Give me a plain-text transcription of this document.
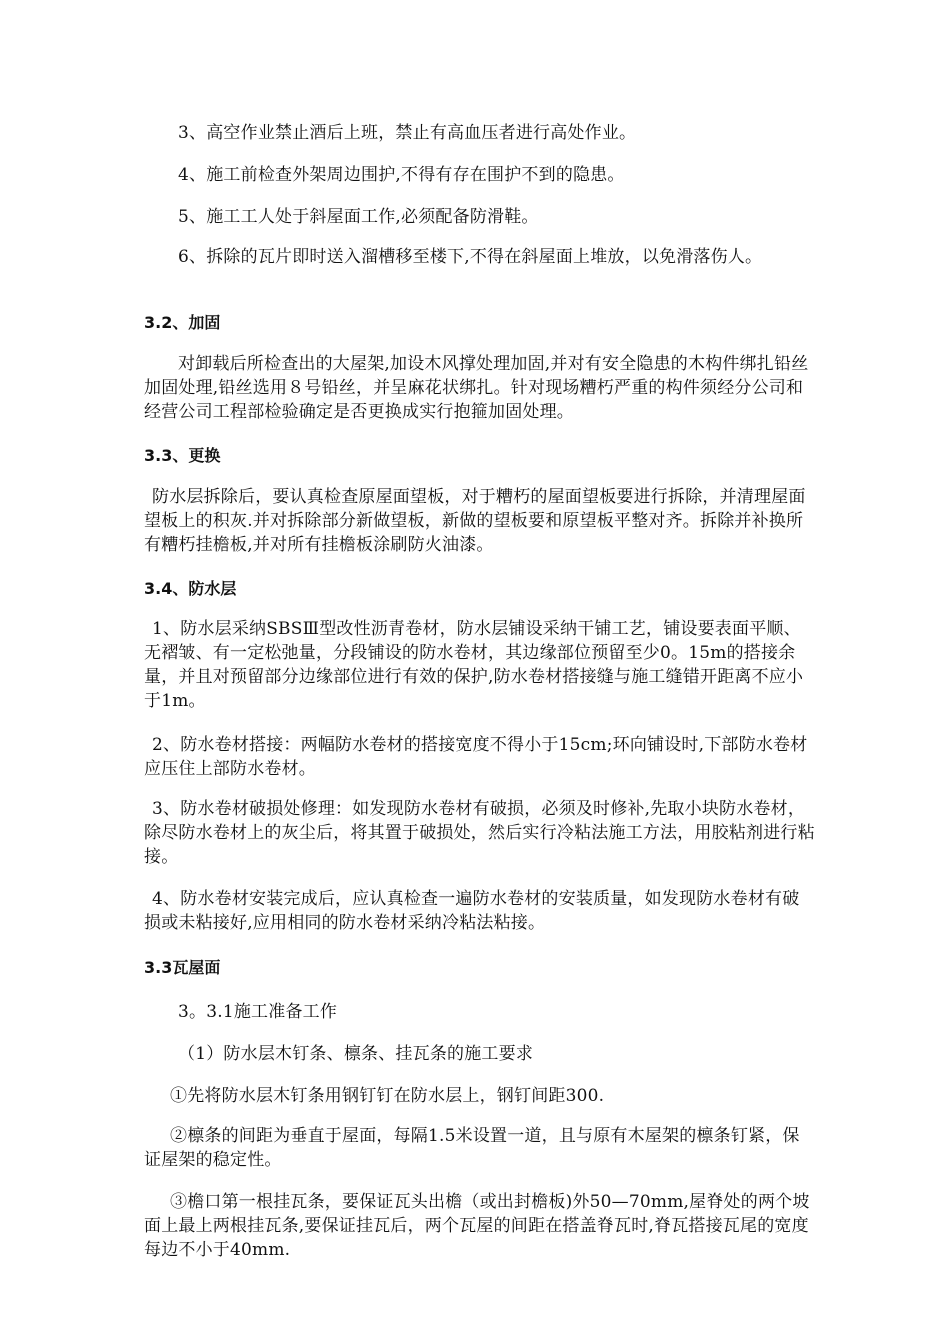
3、高空作业禁止酒后上班，禁止有高血压者进行高处作业。

4、施工前检查外架周边围护,不得有存在围护不到的隐患。

5、施工工人处于斜屋面工作,必须配备防滑鞋。

6、拆除的瓦片即时送入溜槽移至楼下,不得在斜屋面上堆放，以免滑落伤人。

3.2、加固

对卸载后所检查出的大屋架,加设木风撑处理加固,并对有安全隐患的木构件绑扎铅丝加固处理,铅丝选用８号铅丝，并呈麻花状绑扎。针对现场糟朽严重的构件须经分公司和经营公司工程部检验确定是否更换成实行抱箍加固处理。

3.3、更换

防水层拆除后，要认真检查原屋面望板，对于糟朽的屋面望板要进行拆除，并清理屋面望板上的积灰.并对拆除部分新做望板，新做的望板要和原望板平整对齐。拆除并补换所有糟朽挂檐板,并对所有挂檐板涂刷防火油漆。

3.4、防水层

1、防水层采纳SBSⅢ型改性沥青卷材，防水层铺设采纳干铺工艺，铺设要表面平顺、无褶皱、有一定松弛量，分段铺设的防水卷材，其边缘部位预留至少0。15m的搭接余量，并且对预留部分边缘部位进行有效的保护,防水卷材搭接缝与施工缝错开距离不应小于1m。

2、防水卷材搭接：两幅防水卷材的搭接宽度不得小于15cm;环向铺设时,下部防水卷材应压住上部防水卷材。

3、防水卷材破损处修理：如发现防水卷材有破损，必须及时修补,先取小块防水卷材，除尽防水卷材上的灰尘后，将其置于破损处，然后实行冷粘法施工方法，用胶粘剂进行粘接。

4、防水卷材安装完成后，应认真检查一遍防水卷材的安装质量，如发现防水卷材有破损或未粘接好,应用相同的防水卷材采纳冷粘法粘接。

3.3瓦屋面

3。3.1施工准备工作

（1）防水层木钉条、檩条、挂瓦条的施工要求

①先将防水层木钉条用钢钉钉在防水层上，钢钉间距300.

②檩条的间距为垂直于屋面，每隔1.5米设置一道，且与原有木屋架的檩条钉紧，保证屋架的稳定性。

③檐口第一根挂瓦条，要保证瓦头出檐（或出封檐板)外50—70mm,屋脊处的两个坡面上最上两根挂瓦条,要保证挂瓦后，两个瓦屋的间距在搭盖脊瓦时,脊瓦搭接瓦尾的宽度每边不小于40mm.
